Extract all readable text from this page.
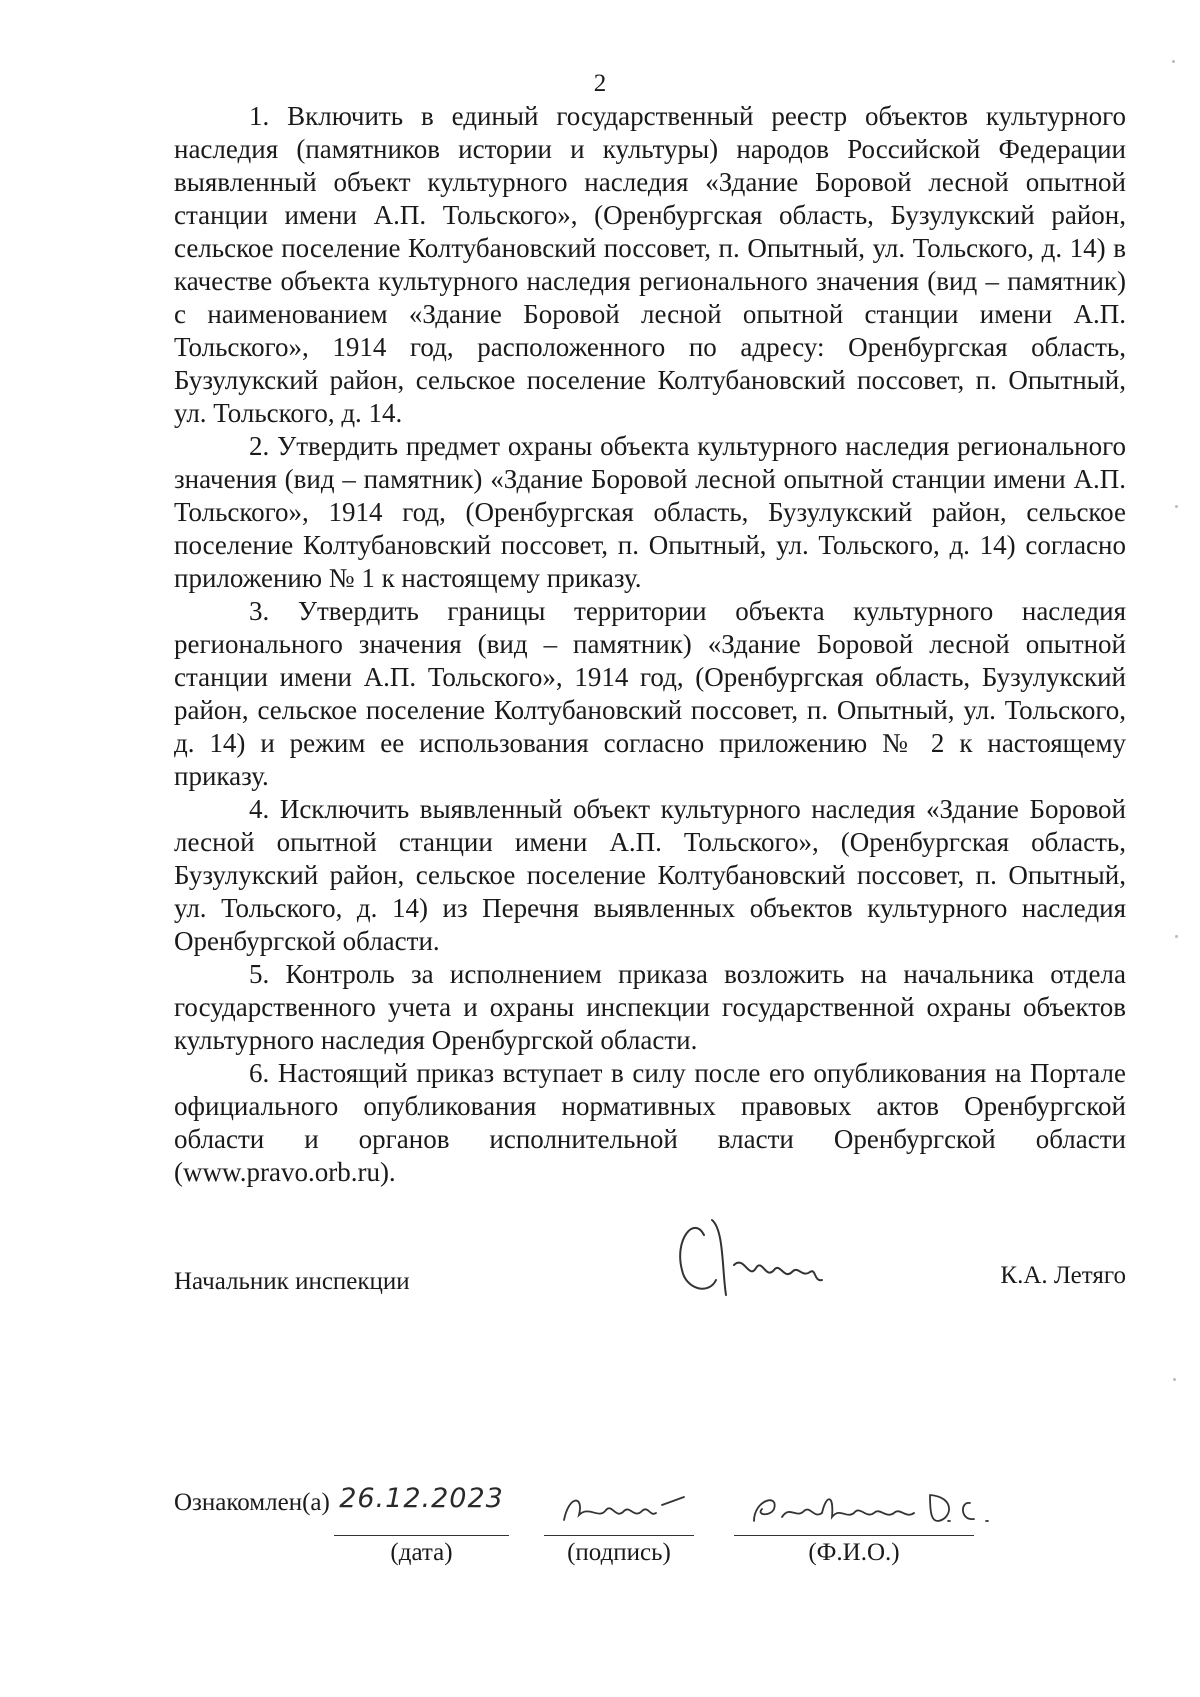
2

1. Включить в единый государственный реестр объектов культурного наследия (памятников истории и культуры) народов Российской Федерации выявленный объект культурного наследия «Здание Боровой лесной опытной станции имени А.П. Тольского», (Оренбургская область, Бузулукский район, сельское поселение Колтубановский поссовет, п. Опытный, ул. Тольского, д. 14) в качестве объекта культурного наследия регионального значения (вид – памятник) с наименованием «Здание Боровой лесной опытной станции имени А.П. Тольского», 1914 год, расположенного по адресу: Оренбургская область, Бузулукский район, сельское поселение Колтубановский поссовет, п. Опытный, ул. Тольского, д. 14.

2. Утвердить предмет охраны объекта культурного наследия регионального значения (вид – памятник) «Здание Боровой лесной опытной станции имени А.П. Тольского», 1914 год, (Оренбургская область, Бузулукский район, сельское поселение Колтубановский поссовет, п. Опытный, ул. Тольского, д. 14) согласно приложению № 1 к настоящему приказу.

3. Утвердить границы территории объекта культурного наследия регионального значения (вид – памятник) «Здание Боровой лесной опытной станции имени А.П. Тольского», 1914 год, (Оренбургская область, Бузулукский район, сельское поселение Колтубановский поссовет, п. Опытный, ул. Тольского, д. 14) и режим ее использования согласно приложению № 2 к настоящему приказу.

4. Исключить выявленный объект культурного наследия «Здание Боровой лесной опытной станции имени А.П. Тольского», (Оренбургская область, Бузулукский район, сельское поселение Колтубановский поссовет, п. Опытный, ул. Тольского, д. 14) из Перечня выявленных объектов культурного наследия Оренбургской области.

5. Контроль за исполнением приказа возложить на начальника отдела государственного учета и охраны инспекции государственной охраны объектов культурного наследия Оренбургской области.

6. Настоящий приказ вступает в силу после его опубликования на Портале официального опубликования нормативных правовых актов Оренбургской области и органов исполнительной власти Оренбургской области (www.pravo.orb.ru).

Начальник инспекции	К.А. Летяго
Ознакомлен(а) 26.12.2023
(дата)	(подпись)	(Ф.И.О.)
